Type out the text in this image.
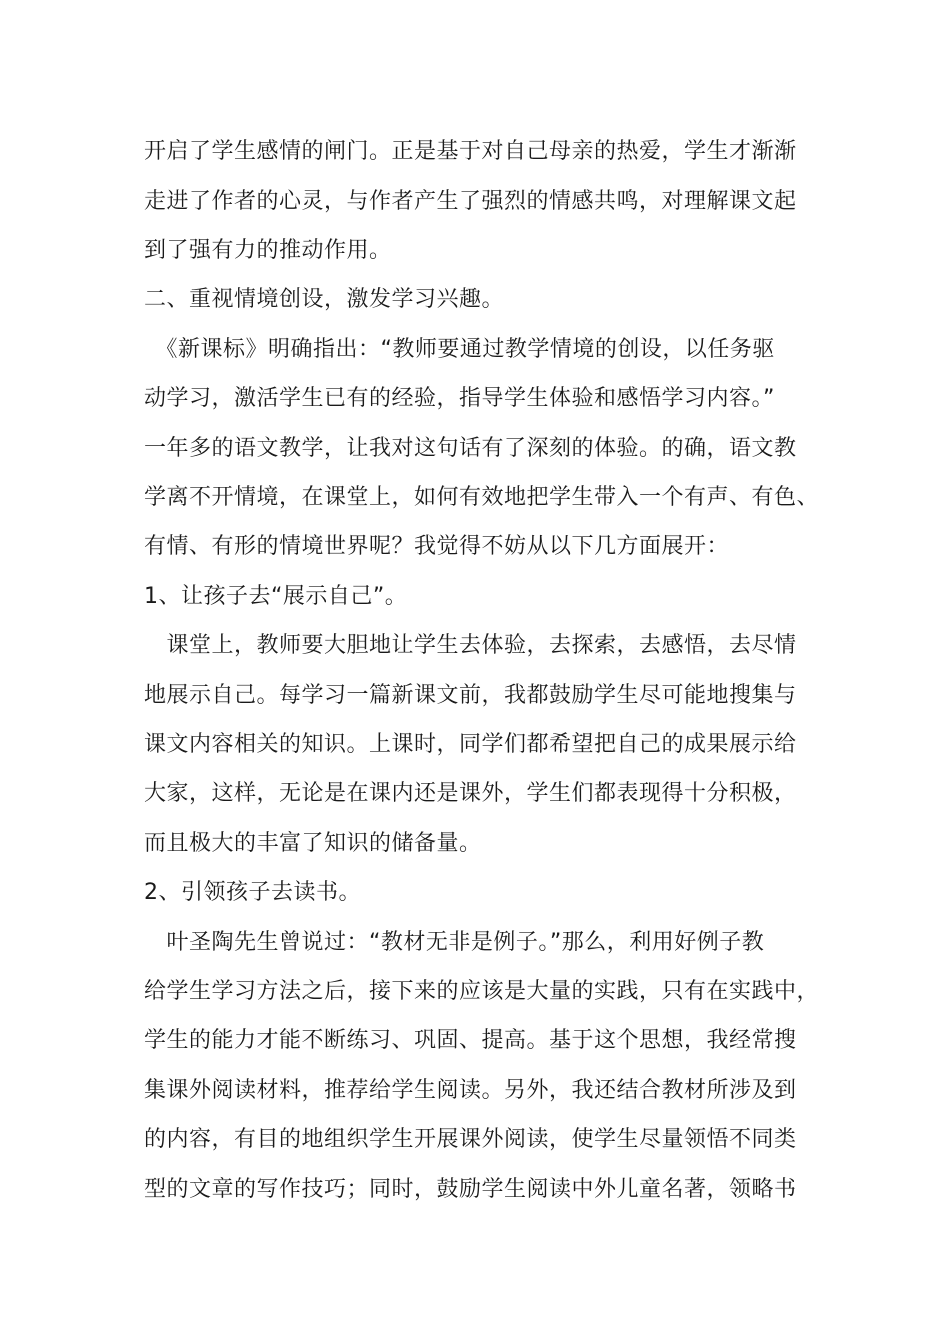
开启了学生感情的闸门。正是基于对自己母亲的热爱，学生才渐渐
走进了作者的心灵，与作者产生了强烈的情感共鸣，对理解课文起
到了强有力的推动作用。
二、重视情境创设，激发学习兴趣。
　《新课标》明确指出：“教师要通过教学情境的创设，以任务驱
动学习，激活学生已有的经验，指导学生体验和感悟学习内容。”
一年多的语文教学，让我对这句话有了深刻的体验。的确，语文教
学离不开情境，在课堂上，如何有效地把学生带入一个有声、有色、
有情、有形的情境世界呢？我觉得不妨从以下几方面展开：
1、让孩子去“展示自己”。
　课堂上，教师要大胆地让学生去体验，去探索，去感悟，去尽情
地展示自己。每学习一篇新课文前，我都鼓励学生尽可能地搜集与
课文内容相关的知识。上课时，同学们都希望把自己的成果展示给
大家，这样，无论是在课内还是课外，学生们都表现得十分积极，
而且极大的丰富了知识的储备量。
2、引领孩子去读书。
　叶圣陶先生曾说过：“教材无非是例子。”那么，利用好例子教
给学生学习方法之后，接下来的应该是大量的实践，只有在实践中，
学生的能力才能不断练习、巩固、提高。基于这个思想，我经常搜
集课外阅读材料，推荐给学生阅读。另外，我还结合教材所涉及到
的内容，有目的地组织学生开展课外阅读，使学生尽量领悟不同类
型的文章的写作技巧；同时，鼓励学生阅读中外儿童名著，领略书
